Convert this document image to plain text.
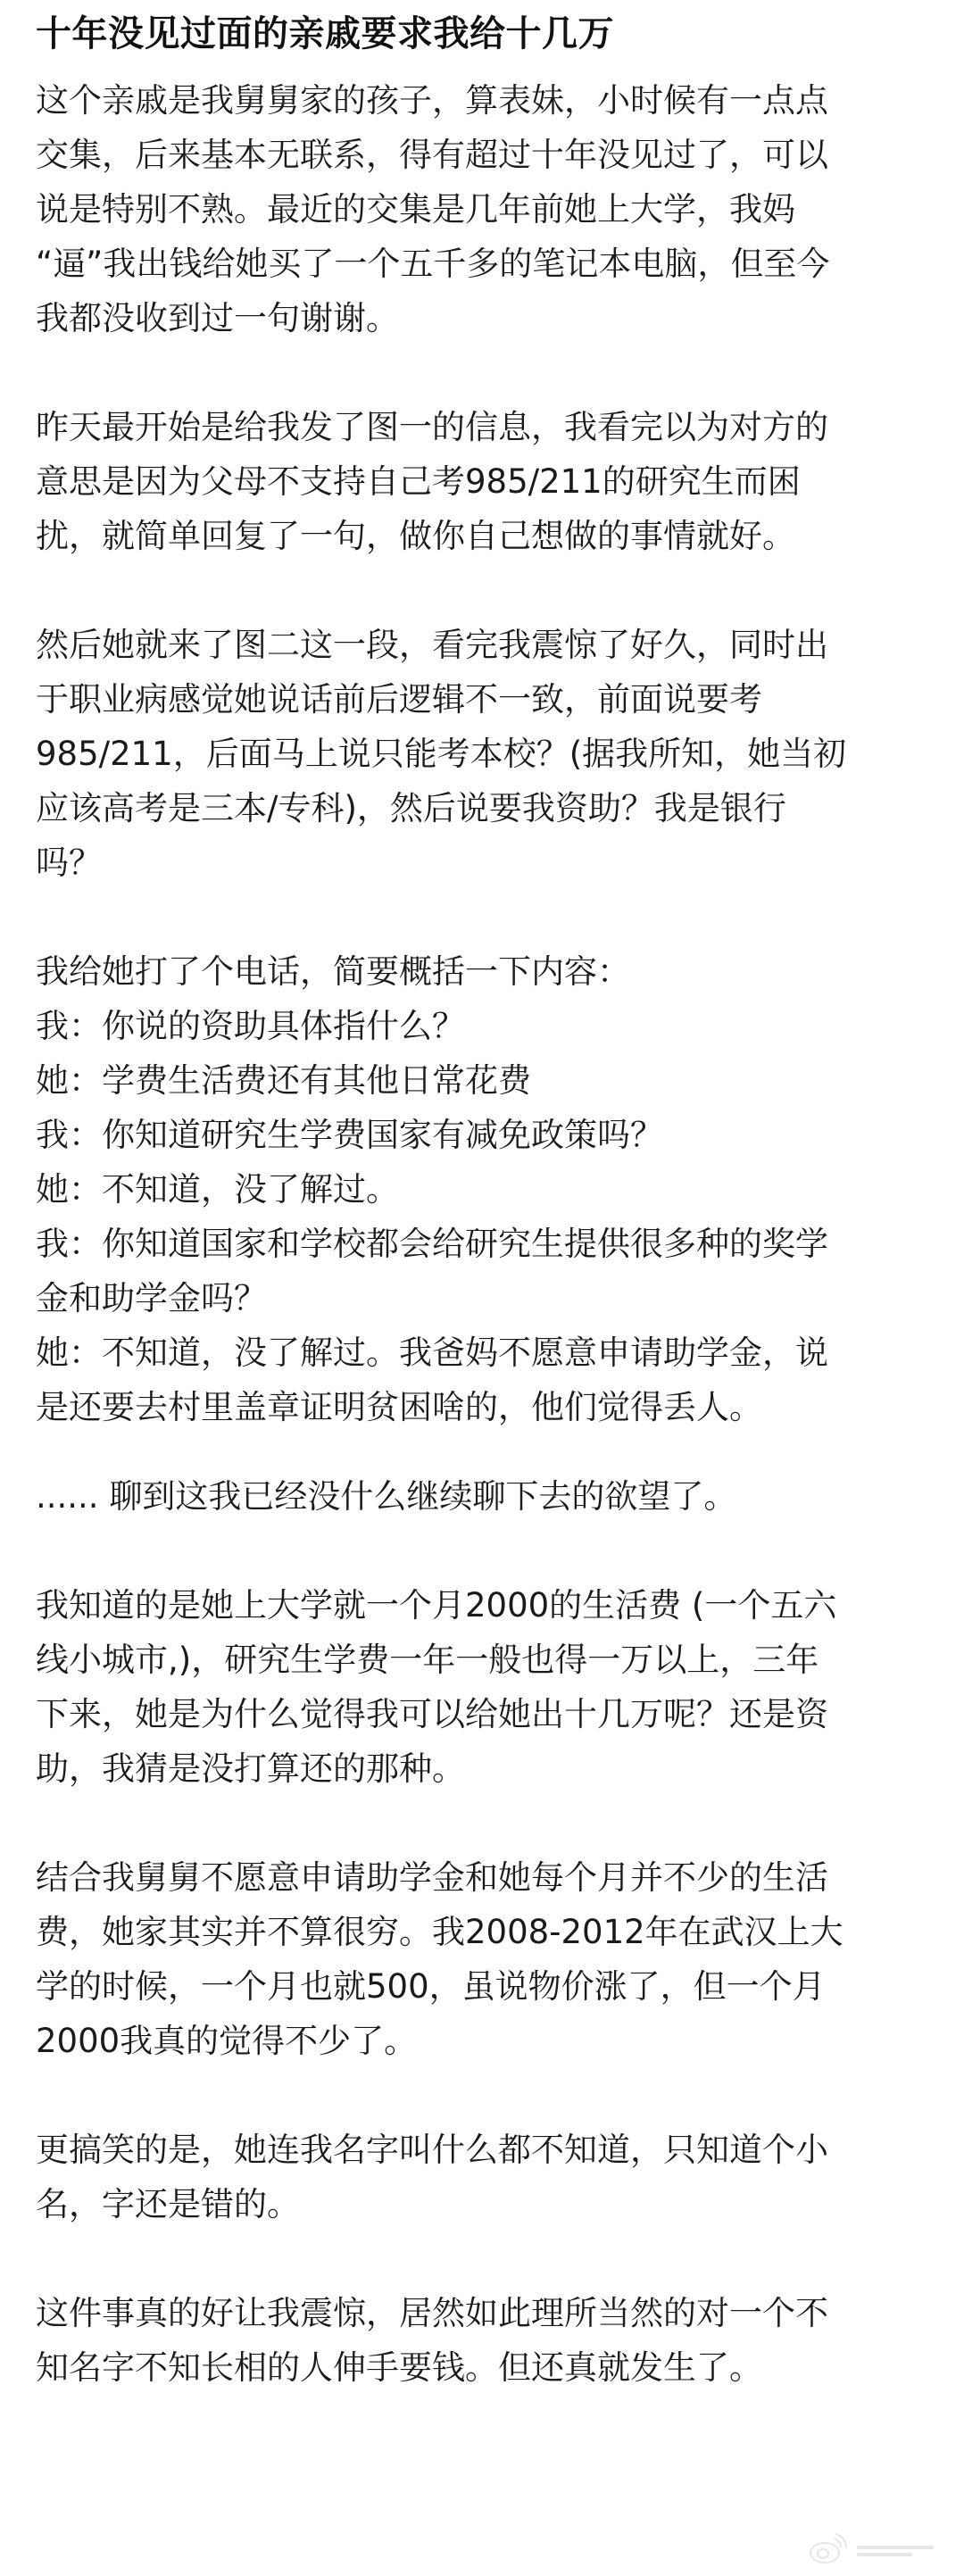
十年没见过面的亲戚要求我给十几万

这个亲戚是我舅舅家的孩子，算表妹，小时候有一点点
交集，后来基本无联系，得有超过十年没见过了，可以
说是特别不熟。最近的交集是几年前她上大学，我妈
“逼”我出钱给她买了一个五千多的笔记本电脑，但至今
我都没收到过一句谢谢。

昨天最开始是给我发了图一的信息，我看完以为对方的
意思是因为父母不支持自己考985/211的研究生而困
扰，就简单回复了一句，做你自己想做的事情就好。

然后她就来了图二这一段，看完我震惊了好久，同时出
于职业病感觉她说话前后逻辑不一致，前面说要考
985/211，后面马上说只能考本校？(据我所知，她当初
应该高考是三本/专科)，然后说要我资助？我是银行
吗？

我给她打了个电话，简要概括一下内容：
我：你说的资助具体指什么？
她：学费生活费还有其他日常花费
我：你知道研究生学费国家有减免政策吗？
她：不知道，没了解过。
我：你知道国家和学校都会给研究生提供很多种的奖学
金和助学金吗？
她：不知道，没了解过。我爸妈不愿意申请助学金，说
是还要去村里盖章证明贫困啥的，他们觉得丢人。

...... 聊到这我已经没什么继续聊下去的欲望了。

我知道的是她上大学就一个月2000的生活费 (一个五六
线小城市,)，研究生学费一年一般也得一万以上，三年
下来，她是为什么觉得我可以给她出十几万呢？还是资
助，我猜是没打算还的那种。

结合我舅舅不愿意申请助学金和她每个月并不少的生活
费，她家其实并不算很穷。我2008-2012年在武汉上大
学的时候，一个月也就500，虽说物价涨了，但一个月
2000我真的觉得不少了。

更搞笑的是，她连我名字叫什么都不知道，只知道个小
名，字还是错的。

这件事真的好让我震惊，居然如此理所当然的对一个不
知名字不知长相的人伸手要钱。但还真就发生了。
